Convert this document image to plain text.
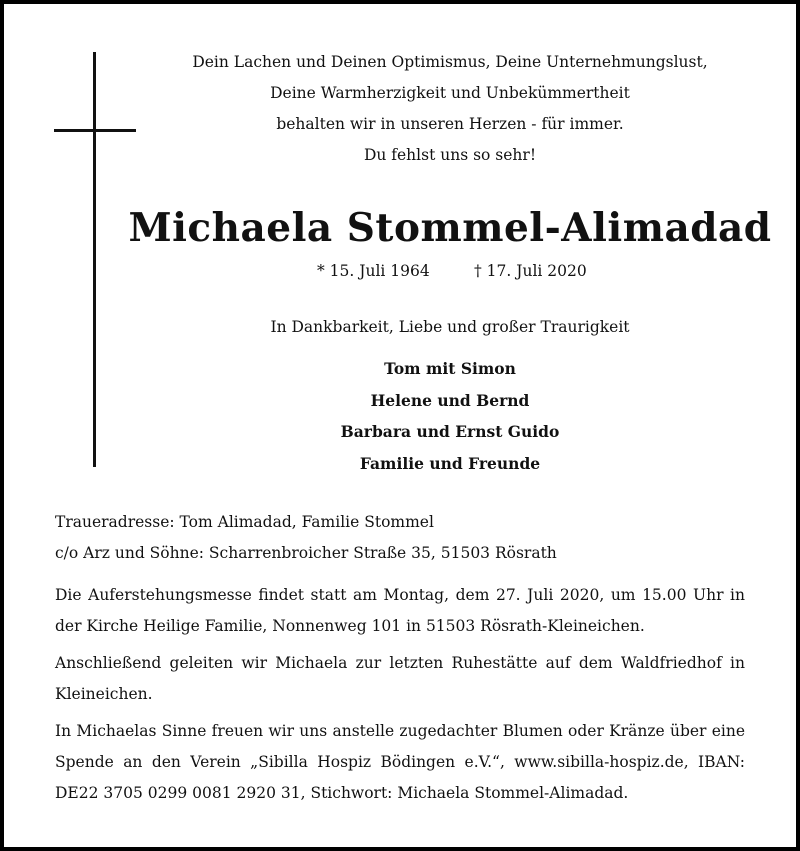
Dein Lachen und Deinen Optimismus, Deine Unternehmungslust,
Deine Warmherzigkeit und Unbekümmertheit
behalten wir in unseren Herzen - für immer.
Du fehlst uns so sehr!
Michaela Stommel-Alimadad
* 15. Juli 1964	† 17. Juli 2020
In Dankbarkeit, Liebe und großer Traurigkeit
Tom mit Simon
Helene und Bernd
Barbara und Ernst Guido
Familie und Freunde
Traueradresse: Tom Alimadad, Familie Stommel
c/o Arz und Söhne: Scharrenbroicher Straße 35, 51503 Rösrath
Die Auferstehungsmesse findet statt am Montag, dem 27. Juli 2020, um 15.00 Uhr in der Kirche Heilige Familie, Nonnenweg 101 in 51503 Rösrath-Kleineichen.
Anschließend geleiten wir Michaela zur letzten Ruhestätte auf dem Waldfriedhof in Kleineichen.
In Michaelas Sinne freuen wir uns anstelle zugedachter Blumen oder Kränze über eine Spende an den Verein „Sibilla Hospiz Bödingen e.V.“, www.sibilla-hospiz.de, IBAN: DE22 3705 0299 0081 2920 31, Stichwort: Michaela Stommel-Alimadad.
